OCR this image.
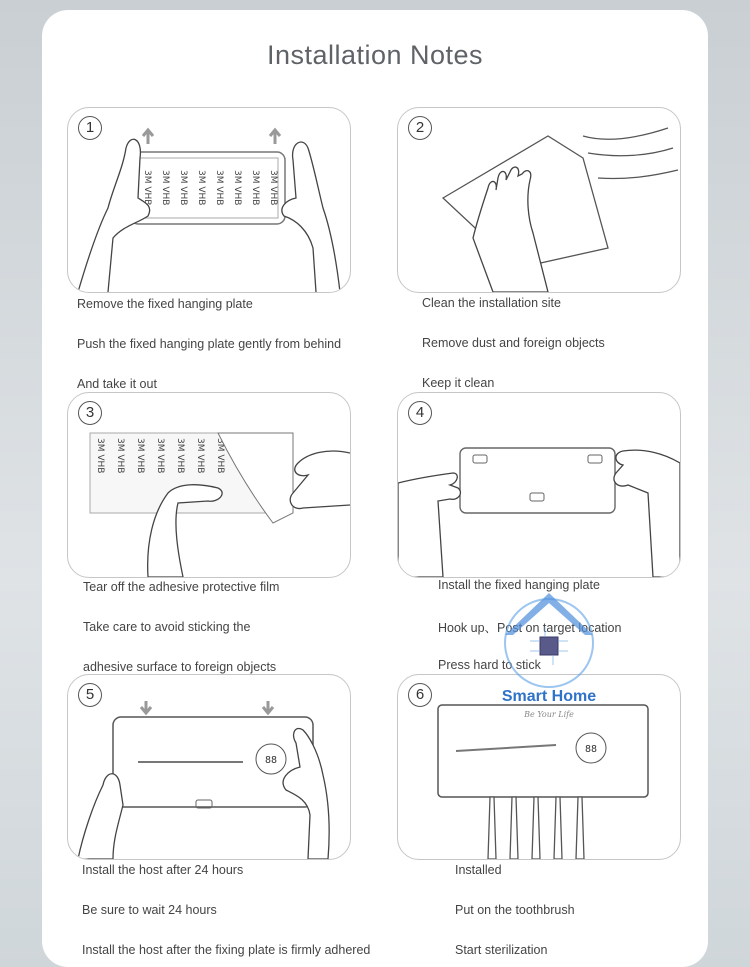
Installation Notes
1
3M VHB 3M VHB 3M VHB 3M VHB 3M VHB 3M VHB 3M VHB 3M VHB
Remove the fixed hanging plate
Push the fixed hanging plate gently from behind
And take it out
2
Clean the installation site
Remove dust and foreign objects
Keep it clean
3
3M VHB 3M VHB 3M VHB 3M VHB 3M VHB 3M VHB 3M VHB
Tear off the adhesive protective film
Take care to avoid sticking the
adhesive surface to foreign objects
4
Install the fixed hanging plate
Hook up、Post on target location
Press hard to stick
5
88
Install the host after 24 hours
Be sure to wait 24 hours
Install the host after the fixing plate is firmly adhered
6
88
Installed
Put on the toothbrush
Start sterilization
Smart Home
Be Your Life
